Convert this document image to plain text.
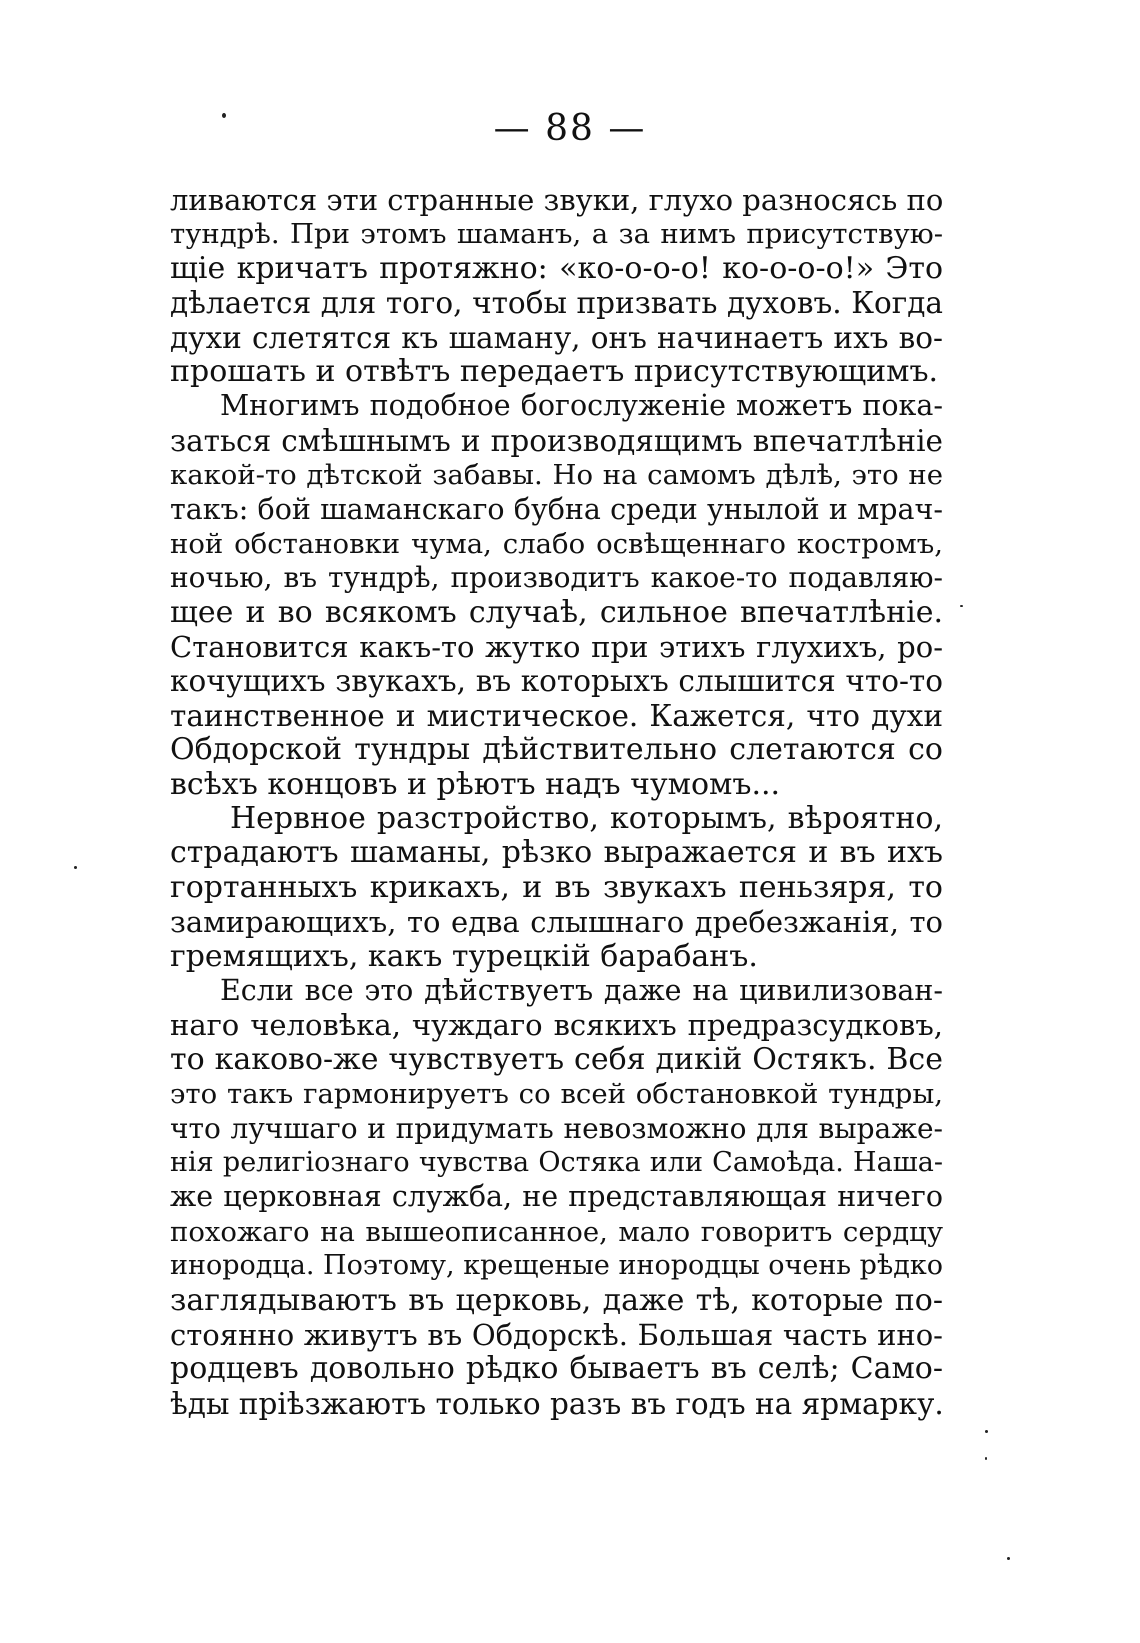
— 88 —
ливаются эти странные звуки, глухо разносясь по
тундрѣ. При этомъ шаманъ, а за нимъ присутствую-
щіе кричатъ протяжно: «ко-о-о-о! ко-о-о-о!» Это
дѣлается для того, чтобы призвать духовъ. Когда
духи слетятся къ шаману, онъ начинаетъ ихъ во-
прошать и отвѣтъ передаетъ присутствующимъ.
Многимъ подобное богослуженіе можетъ пока-
заться смѣшнымъ и производящимъ впечатлѣніе
какой-то дѣтской забавы. Но на самомъ дѣлѣ, это не
такъ: бой шаманскаго бубна среди унылой и мрач-
ной обстановки чума, слабо освѣщеннаго костромъ,
ночью, въ тундрѣ, производитъ какое-то подавляю-
щее и во всякомъ случаѣ, сильное впечатлѣніе.
Становится какъ-то жутко при этихъ глухихъ, ро-
кочущихъ звукахъ, въ которыхъ слышится что-то
таинственное и мистическое. Кажется, что духи
Обдорской тундры дѣйствительно слетаются со
всѣхъ концовъ и рѣютъ надъ чумомъ...
Нервное разстройство, которымъ, вѣроятно,
страдаютъ шаманы, рѣзко выражается и въ ихъ
гортанныхъ крикахъ, и въ звукахъ пеньзяря, то
замирающихъ, то едва слышнаго дребезжанія, то
гремящихъ, какъ турецкій барабанъ.
Если все это дѣйствуетъ даже на цивилизован-
наго человѣка, чуждаго всякихъ предразсудковъ,
то каково-же чувствуетъ себя дикій Остякъ. Все
это такъ гармонируетъ со всей обстановкой тундры,
что лучшаго и придумать невозможно для выраже-
нія религіознаго чувства Остяка или Самоѣда. Наша-
же церковная служба, не представляющая ничего
похожаго на вышеописанное, мало говоритъ сердцу
инородца. Поэтому, крещеные инородцы очень рѣдко
заглядываютъ въ церковь, даже тѣ, которые по-
стоянно живутъ въ Обдорскѣ. Большая часть ино-
родцевъ довольно рѣдко бываетъ въ селѣ; Само-
ѣды пріѣзжаютъ только разъ въ годъ на ярмарку.
